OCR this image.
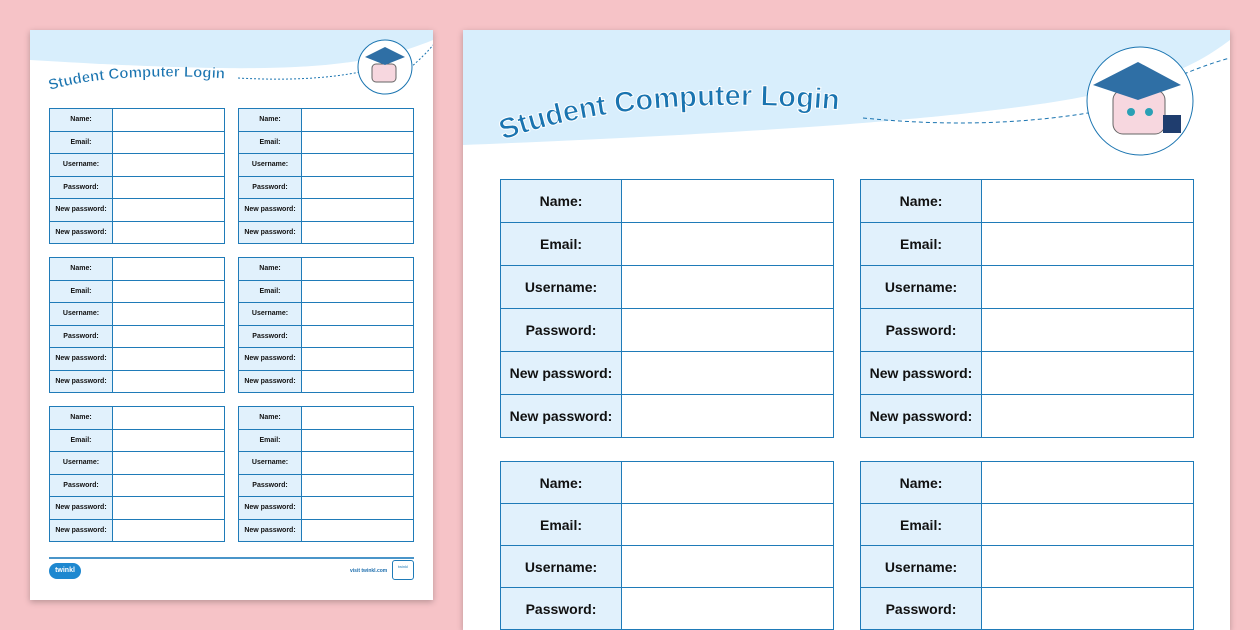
Student Computer Login
Name:	
Email:	
Username:	
Password:	
New password:	
New password:	
Name:	
Email:	
Username:	
Password:	
New password:	
New password:	
Name:	
Email:	
Username:	
Password:	
New password:	
New password:	
Name:	
Email:	
Username:	
Password:	
New password:	
New password:	
Name:	
Email:	
Username:	
Password:	
New password:	
New password:	
Name:	
Email:	
Username:	
Password:	
New password:	
New password:	
twinkl	visit twinkl.com
twinkl
Student Computer Login
Name:	
Email:	
Username:	
Password:	
New password:	
New password:	
Name:	
Email:	
Username:	
Password:	
New password:	
New password:	
Name:	
Email:	
Username:	
Password:	
Name:	
Email:	
Username:	
Password:	
